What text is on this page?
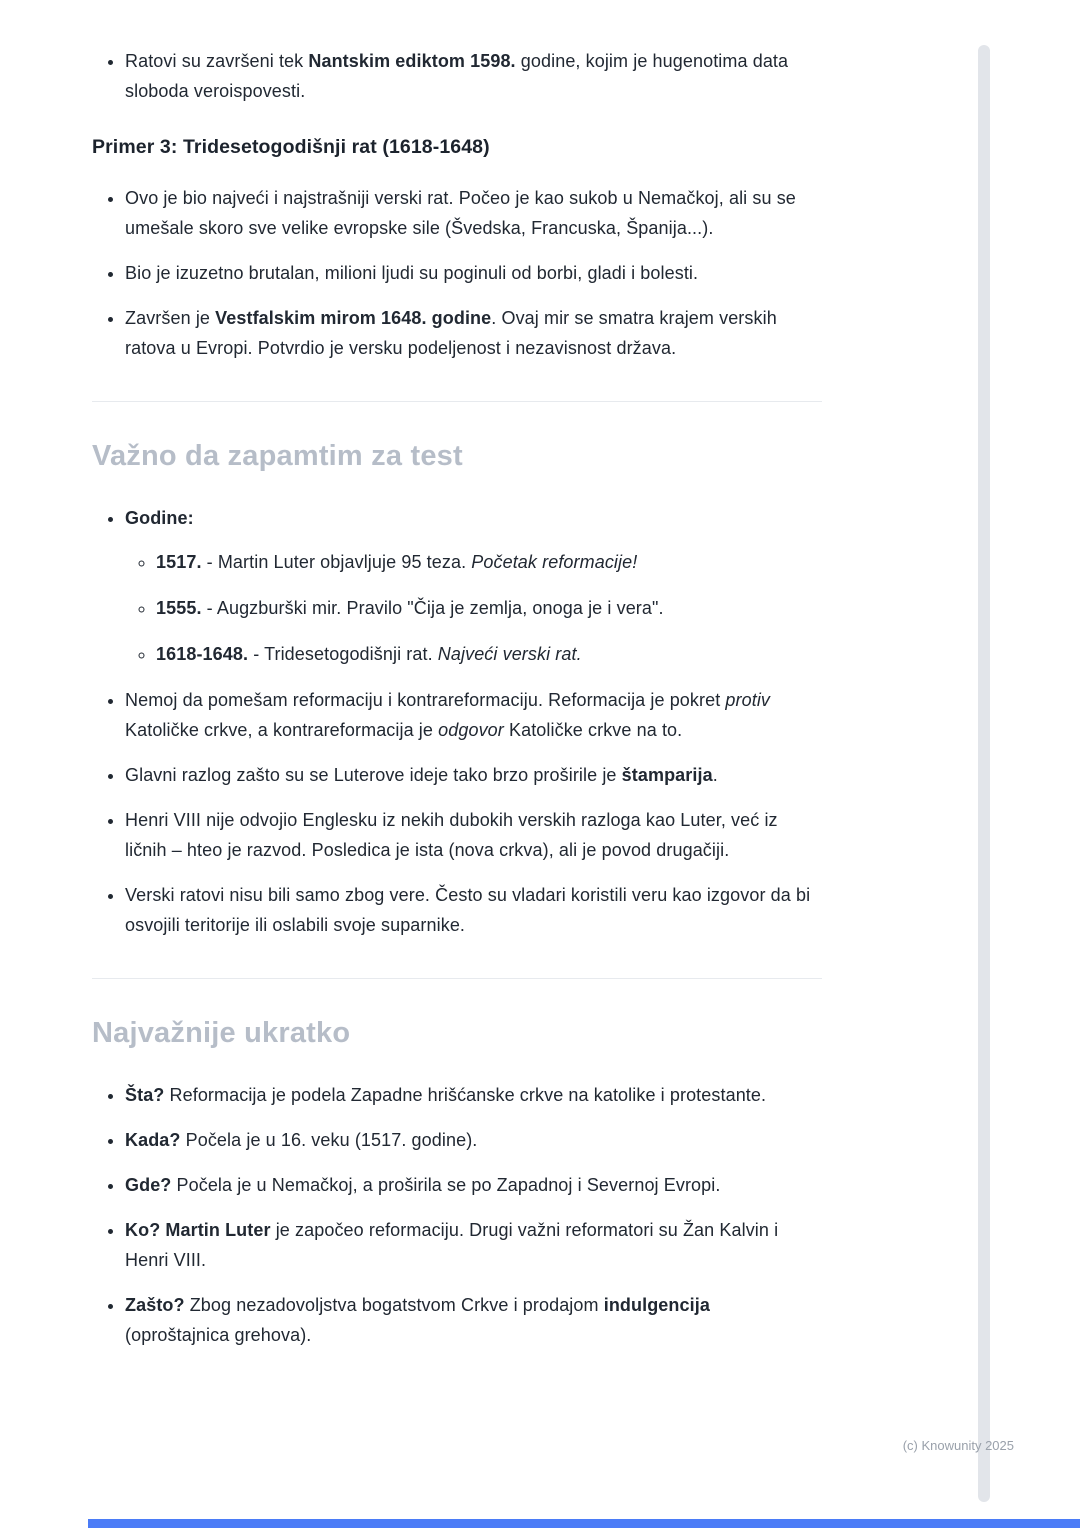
• Ratovi su završeni tek Nantskim ediktom 1598. godine, kojim je hugenotima data sloboda veroispovesti.
Primer 3: Tridesetogodišnji rat (1618-1648)
• Ovo je bio najveći i najstrašniji verski rat. Počeo je kao sukob u Nemačkoj, ali su se umešale skoro sve velike evropske sile (Švedska, Francuska, Španija...).
• Bio je izuzetno brutalan, milioni ljudi su poginuli od borbi, gladi i bolesti.
• Završen je Vestfalskim mirom 1648. godine. Ovaj mir se smatra krajem verskih ratova u Evropi. Potvrdio je versku podeljenost i nezavisnost država.
Važno da zapamtim za test
• Godine:
◦ 1517. - Martin Luter objavljuje 95 teza. Početak reformacije!
◦ 1555. - Augzburški mir. Pravilo "Čija je zemlja, onoga je i vera".
◦ 1618-1648. - Tridesetogodišnji rat. Najveći verski rat.
• Nemoj da pomešam reformaciju i kontrareformaciju. Reformacija je pokret protiv Katoličke crkve, a kontrareformacija je odgovor Katoličke crkve na to.
• Glavni razlog zašto su se Luterove ideje tako brzo proširile je štamparija.
• Henri VIII nije odvojio Englesku iz nekih dubokih verskih razloga kao Luter, već iz ličnih – hteo je razvod. Posledica je ista (nova crkva), ali je povod drugačiji.
• Verski ratovi nisu bili samo zbog vere. Često su vladari koristili veru kao izgovor da bi osvojili teritorije ili oslabili svoje suparnike.
Najvažnije ukratko
• Šta? Reformacija je podela Zapadne hrišćanske crkve na katolike i protestante.
• Kada? Počela je u 16. veku (1517. godine).
• Gde? Počela je u Nemačkoj, a proširila se po Zapadnoj i Severnoj Evropi.
• Ko? Martin Luter je započeo reformaciju. Drugi važni reformatori su Žan Kalvin i Henri VIII.
• Zašto? Zbog nezadovoljstva bogatstvom Crkve i prodajom indulgencija (oproštajnica grehova).
(c) Knowunity 2025
